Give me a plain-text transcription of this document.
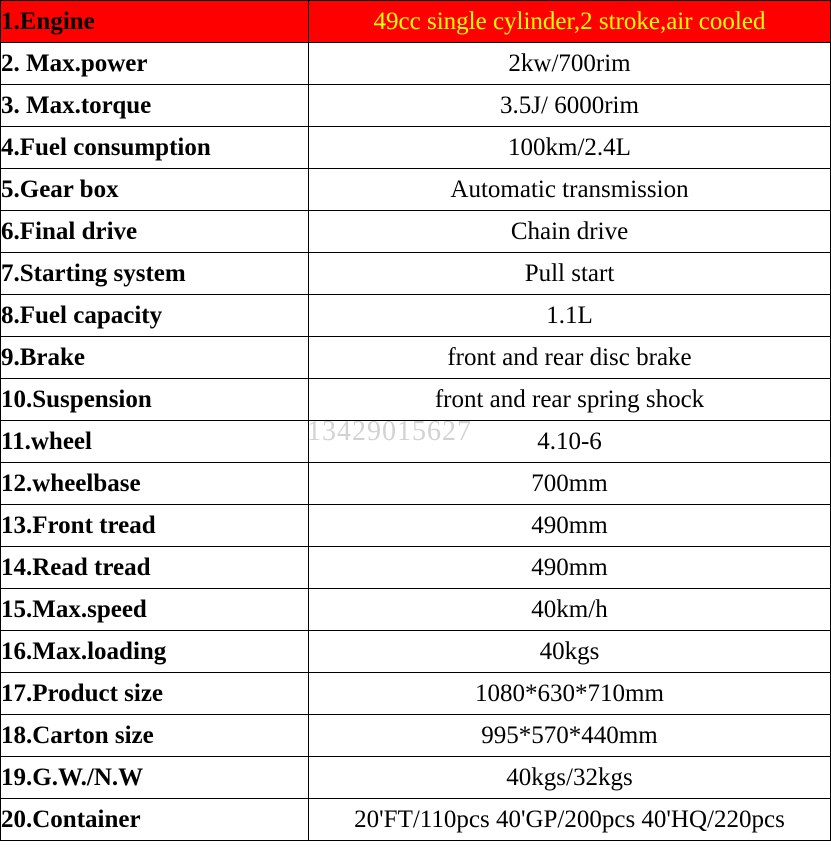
1.Engine	49cc single cylinder,2 stroke,air cooled
2. Max.power	2kw/700rim
3. Max.torque	3.5J/ 6000rim
4.Fuel consumption	100km/2.4L
5.Gear box	Automatic transmission
6.Final drive	Chain drive
7.Starting system	Pull start
8.Fuel capacity	1.1L
9.Brake	front and rear disc brake
10.Suspension	front and rear spring shock
11.wheel	4.10-6
12.wheelbase	700mm
13.Front tread	490mm
14.Read tread	490mm
15.Max.speed	40km/h
16.Max.loading	40kgs
17.Product size	1080*630*710mm
18.Carton size	995*570*440mm
19.G.W./N.W	40kgs/32kgs
20.Container	20'FT/110pcs 40'GP/200pcs 40'HQ/220pcs
13429015627
